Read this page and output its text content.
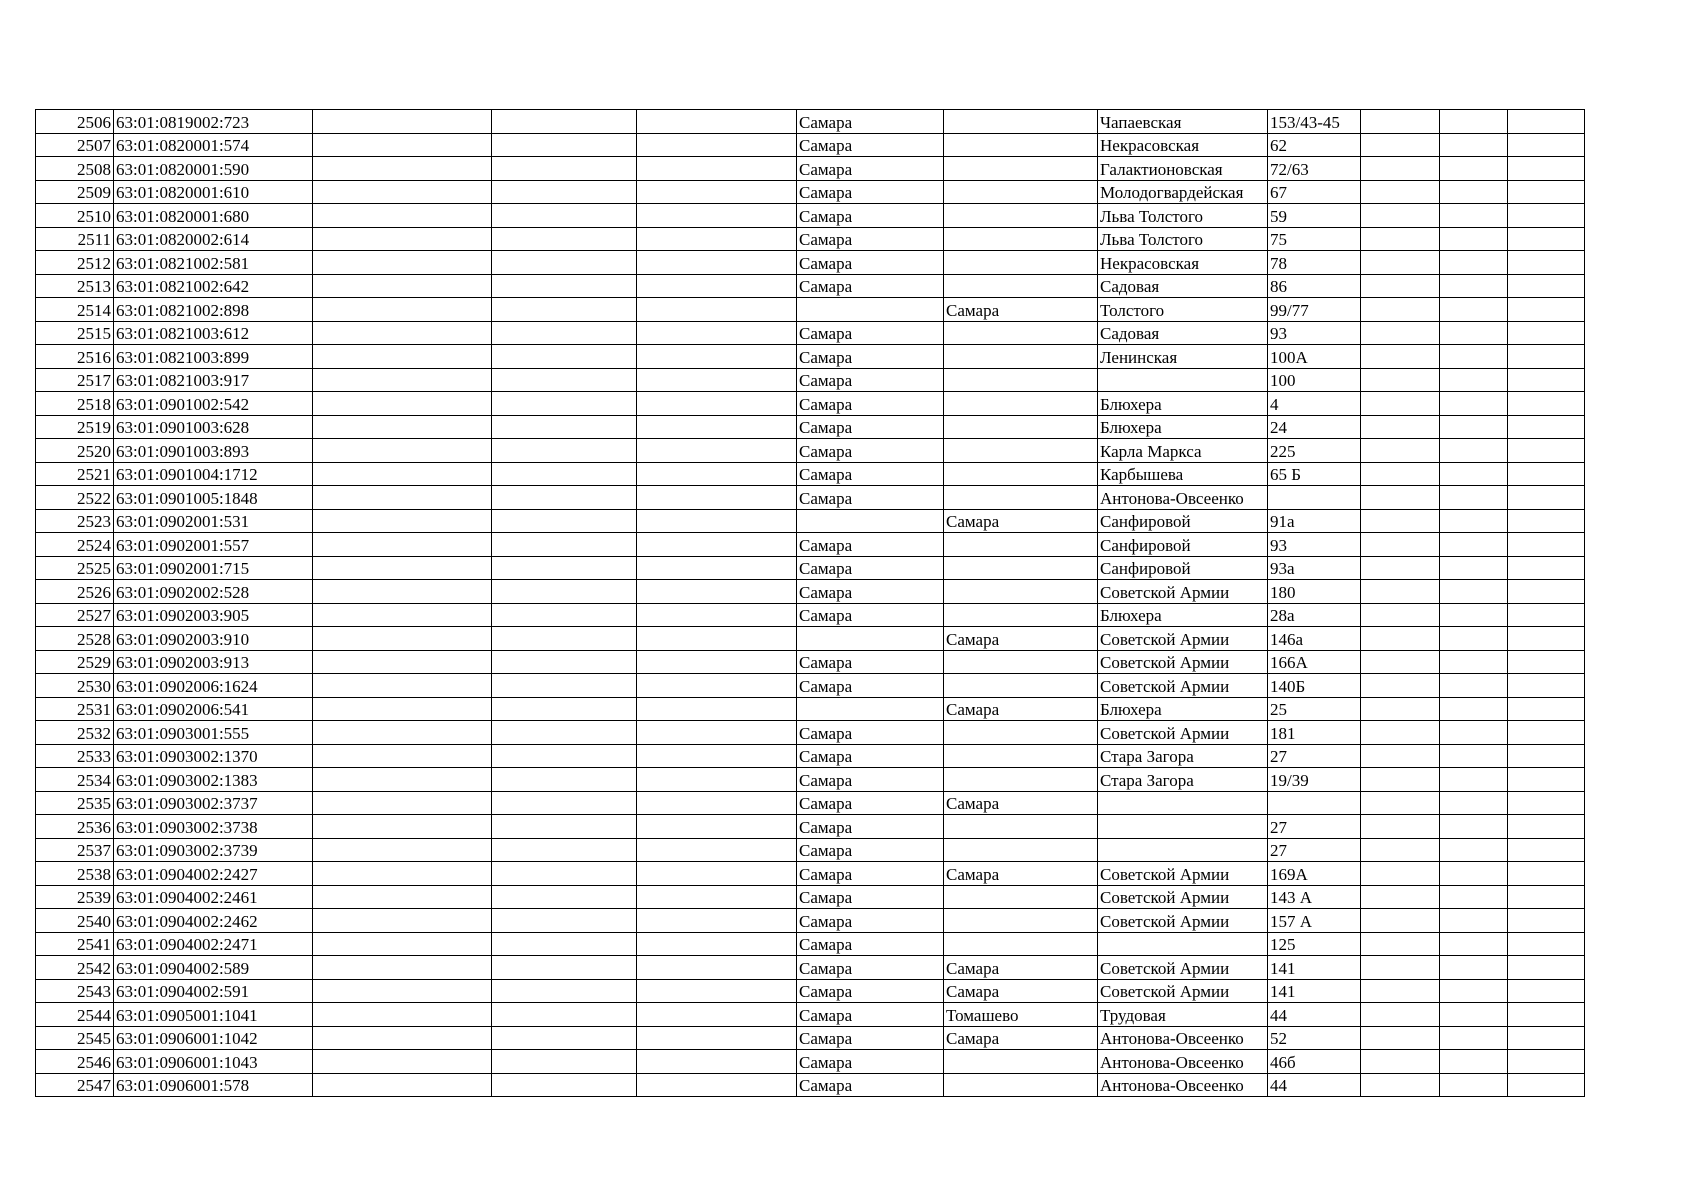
2506	63:01:0819002:723				Самара		Чапаевская	153/43-45			
2507	63:01:0820001:574				Самара		Некрасовская	62			
2508	63:01:0820001:590				Самара		Галактионовская	72/63			
2509	63:01:0820001:610				Самара		Молодогвардейская	67			
2510	63:01:0820001:680				Самара		Льва Толстого	59			
2511	63:01:0820002:614				Самара		Льва Толстого	75			
2512	63:01:0821002:581				Самара		Некрасовская	78			
2513	63:01:0821002:642				Самара		Садовая	86			
2514	63:01:0821002:898					Самара	Толстого	99/77			
2515	63:01:0821003:612				Самара		Садовая	93			
2516	63:01:0821003:899				Самара		Ленинская	100А			
2517	63:01:0821003:917				Самара			100			
2518	63:01:0901002:542				Самара		Блюхера	4			
2519	63:01:0901003:628				Самара		Блюхера	24			
2520	63:01:0901003:893				Самара		Карла Маркса	225			
2521	63:01:0901004:1712				Самара		Карбышева	65 Б			
2522	63:01:0901005:1848				Самара		Антонова-Овсеенко				
2523	63:01:0902001:531					Самара	Санфировой	91а			
2524	63:01:0902001:557				Самара		Санфировой	93			
2525	63:01:0902001:715				Самара		Санфировой	93а			
2526	63:01:0902002:528				Самара		Советской Армии	180			
2527	63:01:0902003:905				Самара		Блюхера	28а			
2528	63:01:0902003:910					Самара	Советской Армии	146а			
2529	63:01:0902003:913				Самара		Советской Армии	166А			
2530	63:01:0902006:1624				Самара		Советской Армии	140Б			
2531	63:01:0902006:541					Самара	Блюхера	25			
2532	63:01:0903001:555				Самара		Советской Армии	181			
2533	63:01:0903002:1370				Самара		Стара Загора	27			
2534	63:01:0903002:1383				Самара		Стара Загора	19/39			
2535	63:01:0903002:3737				Самара	Самара					
2536	63:01:0903002:3738				Самара			27			
2537	63:01:0903002:3739				Самара			27			
2538	63:01:0904002:2427				Самара	Самара	Советской Армии	169А			
2539	63:01:0904002:2461				Самара		Советской Армии	143 А			
2540	63:01:0904002:2462				Самара		Советской Армии	157 А			
2541	63:01:0904002:2471				Самара			125			
2542	63:01:0904002:589				Самара	Самара	Советской Армии	141			
2543	63:01:0904002:591				Самара	Самара	Советской Армии	141			
2544	63:01:0905001:1041				Самара	Томашево	Трудовая	44			
2545	63:01:0906001:1042				Самара	Самара	Антонова-Овсеенко	52			
2546	63:01:0906001:1043				Самара		Антонова-Овсеенко	46б			
2547	63:01:0906001:578				Самара		Антонова-Овсеенко	44			
